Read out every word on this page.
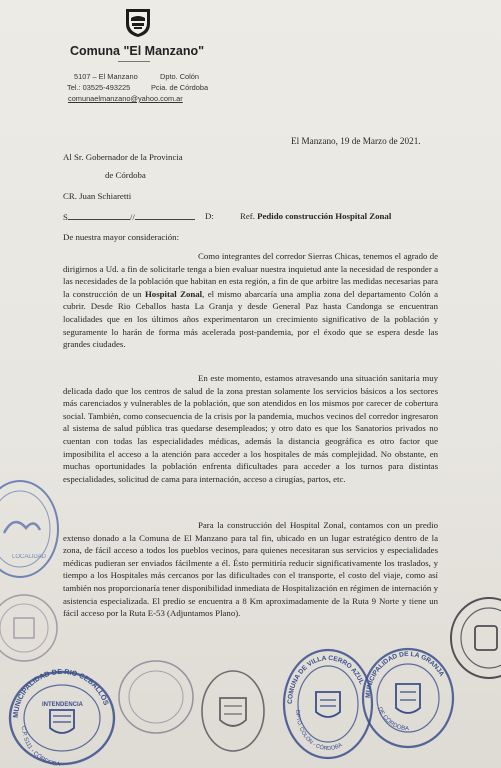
Comuna "El Manzano"
5107 – El Manzano	Dpto. Colón
Tel.: 03525-493225	Pcia. de Córdoba
comunaelmanzano@yahoo.com.ar
El Manzano, 19 de Marzo de 2021.
Al Sr. Gobernador de la Provincia
de Córdoba
CR. Juan Schiaretti
S	//	D:	Ref. Pedido construcción Hospital Zonal
De nuestra mayor consideración:
Como integrantes del corredor Sierras Chicas, tenemos el agrado de dirigirnos a Ud. a fin de solicitarle tenga a bien evaluar nuestra inquietud ante la necesidad de responder a las necesidades de la población que habitan en esta región, a fin de que arbitre las medidas necesarias para la construcción de un Hospital Zonal, el mismo abarcaría una amplia zona del departamento Colón a cubrir. Desde Rio Ceballos hasta La Granja y desde General Paz hasta Candonga se encuentran localidades que en los últimos años experimentaron un crecimiento significativo de la población y seguramente lo harán de forma más acelerada post-pandemia, por el éxodo que se espera desde las grandes ciudades.
En este momento, estamos atravesando una situación sanitaria muy delicada dado que los centros de salud de la zona prestan solamente los servicios básicos a los sectores más carenciados y vulnerables de la población, que son atendidos en los mismos por carecer de cobertura social. También, como consecuencia de la crisis por la pandemia, muchos vecinos del corredor ingresaron al sistema de salud pública tras quedarse desempleados; y otro dato es que los Sanatorios privados no cuentan con todas las especialidades médicas, además la distancia geográfica es otro factor que imposibilita el acceso a la atención para acceder a los hospitales de más complejidad. No obstante, en muchas oportunidades la población enfrenta dificultades para acceder a los turnos para distintas especialidades, solicitud de cama para internación, acceso a cirugías, partos, etc.
Para la construcción del Hospital Zonal, contamos con un predio extenso donado a la Comuna de El Manzano para tal fin, ubicado en un lugar estratégico dentro de la zona, de fácil acceso a todos los pueblos vecinos, para quienes necesitaran sus servicios y especialidades médicas pudieran ser enviados fácilmente a él. Ésto permitiría reducir significativamente los traslados, y tiempo a los Hospitales más cercanos por las dificultades con el transporte, el costo del viaje, como así también nos proporcionaría tener disponibilidad inmediata de Hospitalización en régimen de internación y asistencia especializada. El predio se encuentra a 8 Km aproximadamente de la Ruta 9 Norte y tiene un fácil acceso por la Ruta E-53 (Adjuntamos Plano).
LOCALIDAD
MUNICIPALIDAD DE RIO CEBALLOS
INTENDENCIA
C.P. 5111 - CÓRDOBA
COMUNA DE VILLA CERRO AZUL
DPTO. COLÓN - CÓRDOBA
MUNICIPALIDAD DE LA GRANJA
DE CÓRDOBA
